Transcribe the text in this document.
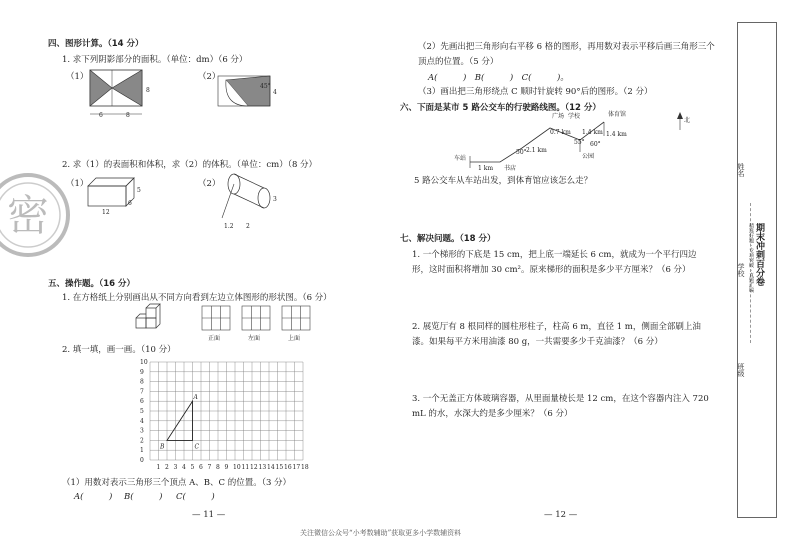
四、图形计算。（14 分）
1. 求下列阴影部分的面积。（单位：dm）（6 分）
（1）
6	8
8
（2）
45°
4
2. 求（1）的表面积和体积，求（2）的体积。（单位：cm）（8 分）
（1）
12
6
5
（2）
3
1.2 2
五、操作题。（16 分）
1. 在方格纸上分别画出从不同方向看到左边立体图形的形状图。（6 分）
正面	左面	上面
2. 填一填，画一画。（10 分）
10
9
8
7
6
5
4
3
2
1
0
1 2 3 4 5 6 7 8 9 10 11 12 13 14 15 16 17 18
A
B	C
（1）用数对表示三角形三个顶点 A、B、C 的位置。（3 分）
A(　　　) B(　　　) C(　　　)
— 11 —
密
（2）先画出把三角形向右平移 6 格的图形，再用数对表示平移后画三角形三个顶点的位置。（5 分）
A(　　　)　B(　　　)　C(　　　)。
（3）画出把三角形绕点 C 顺时针旋转 90°后的图形。（2 分）
六、下面是某市 5 路公交车的行驶路线图。（12 分）
广场 学校	体育馆
北
0.7 km 1.4 km 1.4 km
2.1 km
50°
55° 60°
1 km 书店
车站	公园
5 路公交车从车站出发，到体育馆应该怎么走？
七、解决问题。（18 分）
1. 一个梯形的下底是 15 cm，把上底一端延长 6 cm，就成为一个平行四边形，这时面积将增加 30 cm²。原来梯形的面积是多少平方厘米？（6 分）
2. 展览厅有 8 根同样的圆柱形柱子，柱高 6 m，直径 1 m，侧面全部刷上油漆。如果每平方米用油漆 80 g，一共需要多少千克油漆？（6 分）
3. 一个无盖正方体玻璃容器，从里面量棱长是 12 cm，在这个容器内注入 720 mL 的水，水深大约是多少厘米？（6 分）
— 12 —
关注微信公众号“小考数辅助”获取更多小学数辅资料
姓名
学校
班级
期末冲刺百分卷
精选好题 · 专项突破 · 真题汇编
